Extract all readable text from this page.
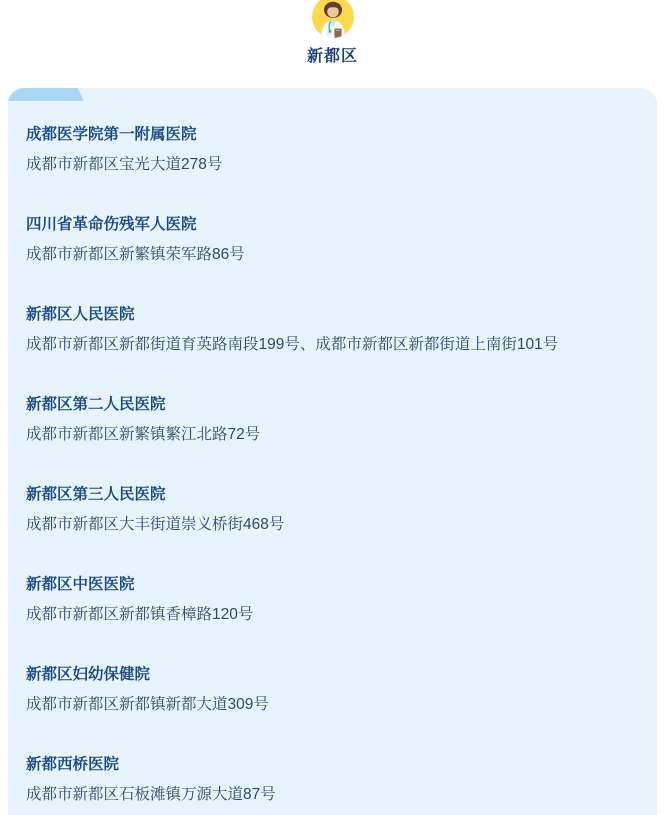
新都区
成都医学院第一附属医院
成都市新都区宝光大道278号
四川省革命伤残军人医院
成都市新都区新繁镇荣军路86号
新都区人民医院
成都市新都区新都街道育英路南段199号、成都市新都区新都街道上南街101号
新都区第二人民医院
成都市新都区新繁镇繁江北路72号
新都区第三人民医院
成都市新都区大丰街道崇义桥街468号
新都区中医医院
成都市新都区新都镇香樟路120号
新都区妇幼保健院
成都市新都区新都镇新都大道309号
新都西桥医院
成都市新都区石板滩镇万源大道87号
